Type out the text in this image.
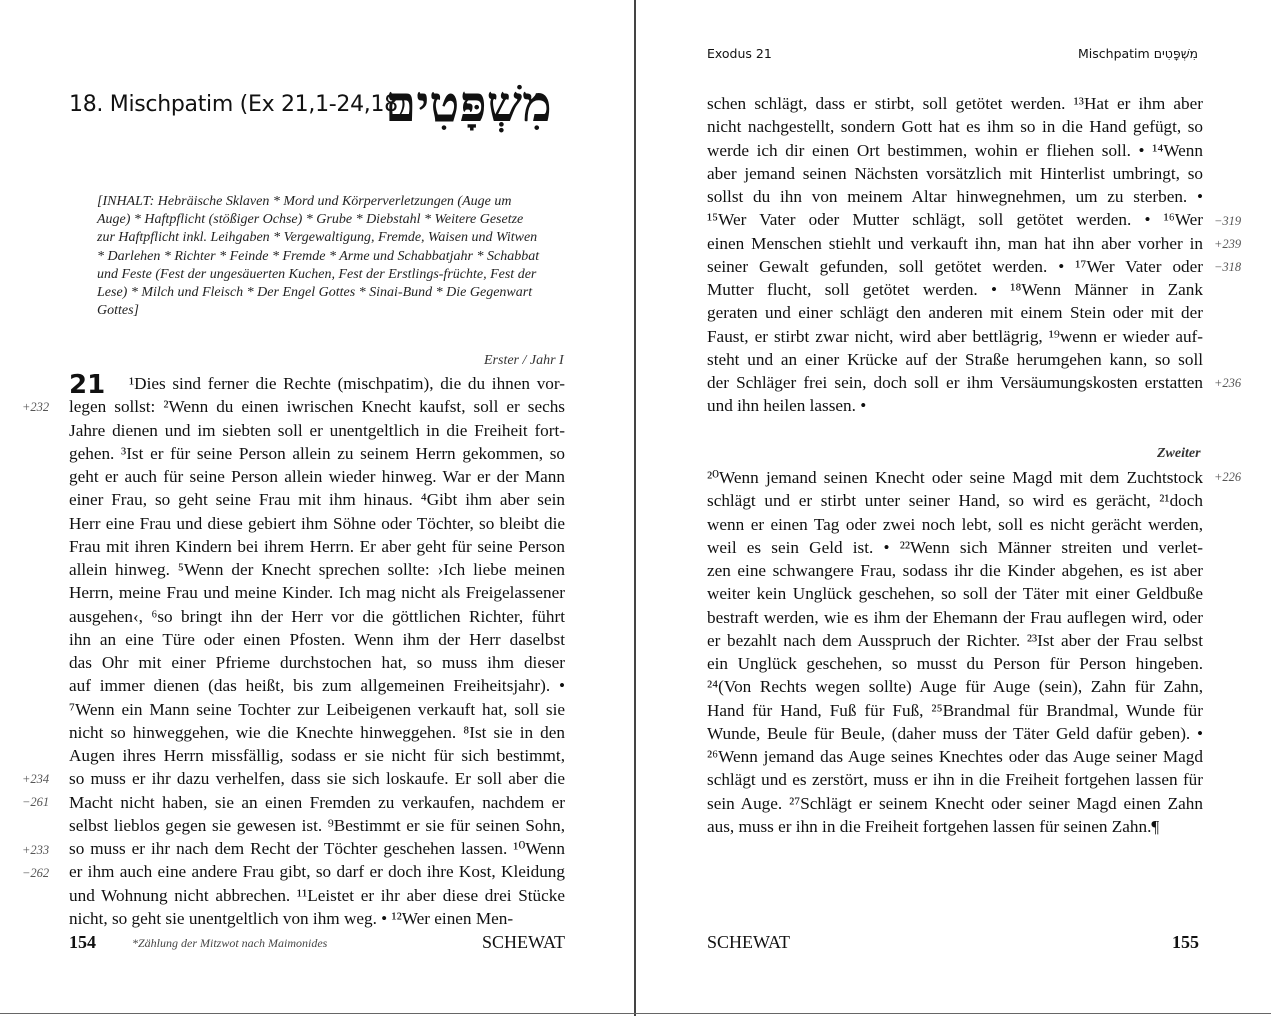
18. Mischpatim (Ex 21,1-24,18)
מִשְׁפָּטִים
[INHALT: Hebräische Sklaven * Mord und Körperverletzungen (Auge um Auge) * Haftpflicht (stößiger Ochse) * Grube * Diebstahl * Weitere Gesetze zur Haftpflicht inkl. Leihgaben * Vergewaltigung, Fremde, Waisen und Witwen * Darlehen * Richter * Feinde * Fremde * Arme und Schabbatjahr * Schabbat und Feste (Fest der ungesäuerten Kuchen, Fest der Erstlings-früchte, Fest der Lese) * Milch und Fleisch * Der Engel Gottes * Sinai-Bund * Die Gegenwart Gottes]
Erster / Jahr I
21 ¹Dies sind ferner die Rechte (mischpatim), die du ihnen vor-
legen sollst: ²Wenn du einen iwrischen Knecht kaufst, soll er sechs
Jahre dienen und im siebten soll er unentgeltlich in die Freiheit fort-
gehen. ³Ist er für seine Person allein zu seinem Herrn gekommen, so
geht er auch für seine Person allein wieder hinweg. War er der Mann
einer Frau, so geht seine Frau mit ihm hinaus. ⁴Gibt ihm aber sein
Herr eine Frau und diese gebiert ihm Söhne oder Töchter, so bleibt die
Frau mit ihren Kindern bei ihrem Herrn. Er aber geht für seine Person
allein hinweg. ⁵Wenn der Knecht sprechen sollte: ›Ich liebe meinen
Herrn, meine Frau und meine Kinder. Ich mag nicht als Freigelassener
ausgehen‹, ⁶so bringt ihn der Herr vor die göttlichen Richter, führt
ihn an eine Türe oder einen Pfosten. Wenn ihm der Herr daselbst
das Ohr mit einer Pfrieme durchstochen hat, so muss ihm dieser
auf immer dienen (das heißt, bis zum allgemeinen Freiheitsjahr). •
⁷Wenn ein Mann seine Tochter zur Leibeigenen verkauft hat, soll sie
nicht so hinweggehen, wie die Knechte hinweggehen. ⁸Ist sie in den
Augen ihres Herrn missfällig, sodass er sie nicht für sich bestimmt,
so muss er ihr dazu verhelfen, dass sie sich loskaufe. Er soll aber die
Macht nicht haben, sie an einen Fremden zu verkaufen, nachdem er
selbst lieblos gegen sie gewesen ist. ⁹Bestimmt er sie für seinen Sohn,
so muss er ihr nach dem Recht der Töchter geschehen lassen. ¹⁰Wenn
er ihm auch eine andere Frau gibt, so darf er doch ihre Kost, Kleidung
und Wohnung nicht abbrechen. ¹¹Leistet er ihr aber diese drei Stücke
nicht, so geht sie unentgeltlich von ihm weg. • ¹²Wer einen Men-
+232
+234
−261
+233
−262
154	*Zählung der Mitzwot nach Maimonides	SCHEWAT
Exodus 21	Mischpatim מִשְׁפָּטִים
schen schlägt, dass er stirbt, soll getötet werden. ¹³Hat er ihm aber
nicht nachgestellt, sondern Gott hat es ihm so in die Hand gefügt, so
werde ich dir einen Ort bestimmen, wohin er fliehen soll. • ¹⁴Wenn
aber jemand seinen Nächsten vorsätzlich mit Hinterlist umbringt, so
sollst du ihn von meinem Altar hinwegnehmen, um zu sterben. •
¹⁵Wer Vater oder Mutter schlägt, soll getötet werden. • ¹⁶Wer
einen Menschen stiehlt und verkauft ihn, man hat ihn aber vorher in
seiner Gewalt gefunden, soll getötet werden. • ¹⁷Wer Vater oder
Mutter flucht, soll getötet werden. • ¹⁸Wenn Männer in Zank
geraten und einer schlägt den anderen mit einem Stein oder mit der
Faust, er stirbt zwar nicht, wird aber bettlägrig, ¹⁹wenn er wieder auf-
steht und an einer Krücke auf der Straße herumgehen kann, so soll
der Schläger frei sein, doch soll er ihm Versäumungskosten erstatten
und ihn heilen lassen. •
Zweiter
²⁰Wenn jemand seinen Knecht oder seine Magd mit dem Zuchtstock
schlägt und er stirbt unter seiner Hand, so wird es gerächt, ²¹doch
wenn er einen Tag oder zwei noch lebt, soll es nicht gerächt werden,
weil es sein Geld ist. • ²²Wenn sich Männer streiten und verlet-
zen eine schwangere Frau, sodass ihr die Kinder abgehen, es ist aber
weiter kein Unglück geschehen, so soll der Täter mit einer Geldbuße
bestraft werden, wie es ihm der Ehemann der Frau auflegen wird, oder
er bezahlt nach dem Ausspruch der Richter. ²³Ist aber der Frau selbst
ein Unglück geschehen, so musst du Person für Person hingeben.
²⁴(Von Rechts wegen sollte) Auge für Auge (sein), Zahn für Zahn,
Hand für Hand, Fuß für Fuß, ²⁵Brandmal für Brandmal, Wunde für
Wunde, Beule für Beule, (daher muss der Täter Geld dafür geben). •
²⁶Wenn jemand das Auge seines Knechtes oder das Auge seiner Magd
schlägt und es zerstört, muss er ihn in die Freiheit fortgehen lassen für
sein Auge. ²⁷Schlägt er seinem Knecht oder seiner Magd einen Zahn
aus, muss er ihn in die Freiheit fortgehen lassen für seinen Zahn.¶
−319
+239
−318
+236
+226
SCHEWAT	155
